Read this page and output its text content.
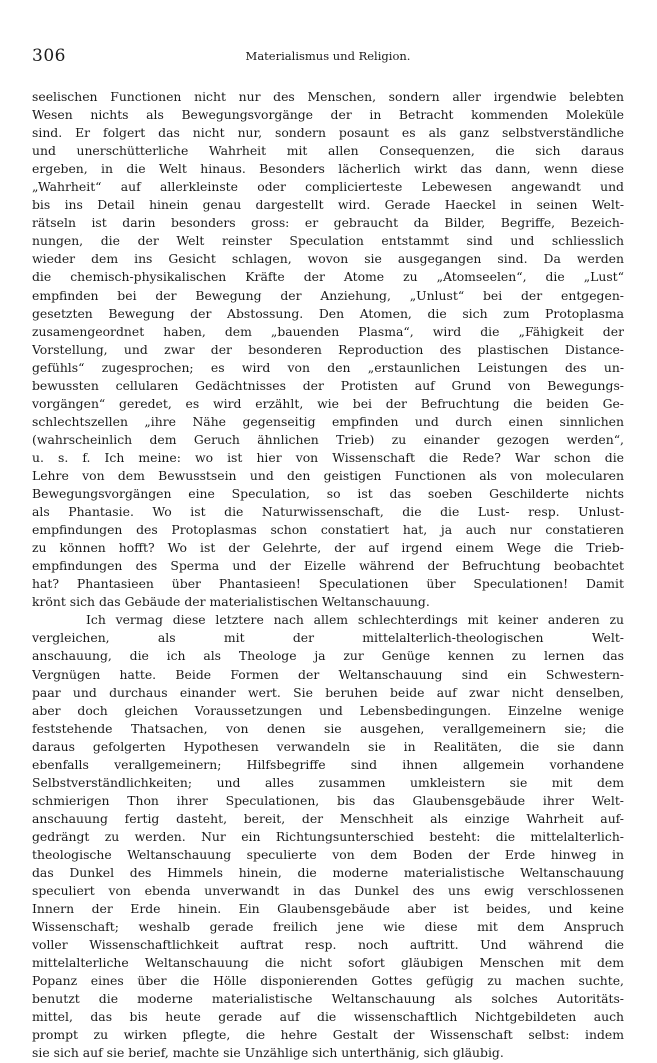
306	Materialismus und Religion.
seelischen Functionen nicht nur des Menschen, sondern aller irgendwie belebten
Wesen nichts als Bewegungsvorgänge der in Betracht kommenden Moleküle
sind. Er folgert das nicht nur, sondern posaunt es als ganz selbstverständliche
und unerschütterliche Wahrheit mit allen Consequenzen, die sich daraus
ergeben, in die Welt hinaus. Besonders lächerlich wirkt das dann, wenn diese
„Wahrheit“ auf allerkleinste oder complicierteste Lebewesen angewandt und
bis ins Detail hinein genau dargestellt wird. Gerade Haeckel in seinen Welt-
rätseln ist darin besonders gross: er gebraucht da Bilder, Begriffe, Bezeich-
nungen, die der Welt reinster Speculation entstammt sind und schliesslich
wieder dem ins Gesicht schlagen, wovon sie ausgegangen sind. Da werden
die chemisch-physikalischen Kräfte der Atome zu „Atomseelen“, die „Lust“
empfinden bei der Bewegung der Anziehung, „Unlust“ bei der entgegen-
gesetzten Bewegung der Abstossung. Den Atomen, die sich zum Protoplasma
zusamengeordnet haben, dem „bauenden Plasma“, wird die „Fähigkeit der
Vorstellung, und zwar der besonderen Reproduction des plastischen Distance-
gefühls“ zugesprochen; es wird von den „erstaunlichen Leistungen des un-
bewussten cellularen Gedächtnisses der Protisten auf Grund von Bewegungs-
vorgängen“ geredet, es wird erzählt, wie bei der Befruchtung die beiden Ge-
schlechtszellen „ihre Nähe gegenseitig empfinden und durch einen sinnlichen
(wahrscheinlich dem Geruch ähnlichen Trieb) zu einander gezogen werden“,
u. s. f. Ich meine: wo ist hier von Wissenschaft die Rede? War schon die
Lehre von dem Bewusstsein und den geistigen Functionen als von molecularen
Bewegungsvorgängen eine Speculation, so ist das soeben Geschilderte nichts
als Phantasie. Wo ist die Naturwissenschaft, die die Lust- resp. Unlust-
empfindungen des Protoplasmas schon constatiert hat, ja auch nur constatieren
zu können hofft? Wo ist der Gelehrte, der auf irgend einem Wege die Trieb-
empfindungen des Sperma und der Eizelle während der Befruchtung beobachtet
hat? Phantasieen über Phantasieen! Speculationen über Speculationen! Damit
krönt sich das Gebäude der materialistischen Weltanschauung.
Ich vermag diese letztere nach allem schlechterdings mit keiner anderen zu
vergleichen, als mit der mittelalterlich-theologischen Welt-
anschauung, die ich als Theologe ja zur Genüge kennen zu lernen das
Vergnügen hatte. Beide Formen der Weltanschauung sind ein Schwestern-
paar und durchaus einander wert. Sie beruhen beide auf zwar nicht denselben,
aber doch gleichen Voraussetzungen und Lebensbedingungen. Einzelne wenige
feststehende Thatsachen, von denen sie ausgehen, verallgemeinern sie; die
daraus gefolgerten Hypothesen verwandeln sie in Realitäten, die sie dann
ebenfalls verallgemeinern; Hilfsbegriffe sind ihnen allgemein vorhandene
Selbstverständlichkeiten; und alles zusammen umkleistern sie mit dem
schmierigen Thon ihrer Speculationen, bis das Glaubensgebäude ihrer Welt-
anschauung fertig dasteht, bereit, der Menschheit als einzige Wahrheit auf-
gedrängt zu werden. Nur ein Richtungsunterschied besteht: die mittelalterlich-
theologische Weltanschauung speculierte von dem Boden der Erde hinweg in
das Dunkel des Himmels hinein, die moderne materialistische Weltanschauung
speculiert von ebenda unverwandt in das Dunkel des uns ewig verschlossenen
Innern der Erde hinein. Ein Glaubensgebäude aber ist beides, und keine
Wissenschaft; weshalb gerade freilich jene wie diese mit dem Anspruch
voller Wissenschaftlichkeit auftrat resp. noch auftritt. Und während die
mittelalterliche Weltanschauung die nicht sofort gläubigen Menschen mit dem
Popanz eines über die Hölle disponierenden Gottes gefügig zu machen suchte,
benutzt die moderne materialistische Weltanschauung als solches Autoritäts-
mittel, das bis heute gerade auf die wissenschaftlich Nichtgebildeten auch
prompt zu wirken pflegte, die hehre Gestalt der Wissenschaft selbst: indem
sie sich auf sie berief, machte sie Unzählige sich unterthänig, sich gläubig.
